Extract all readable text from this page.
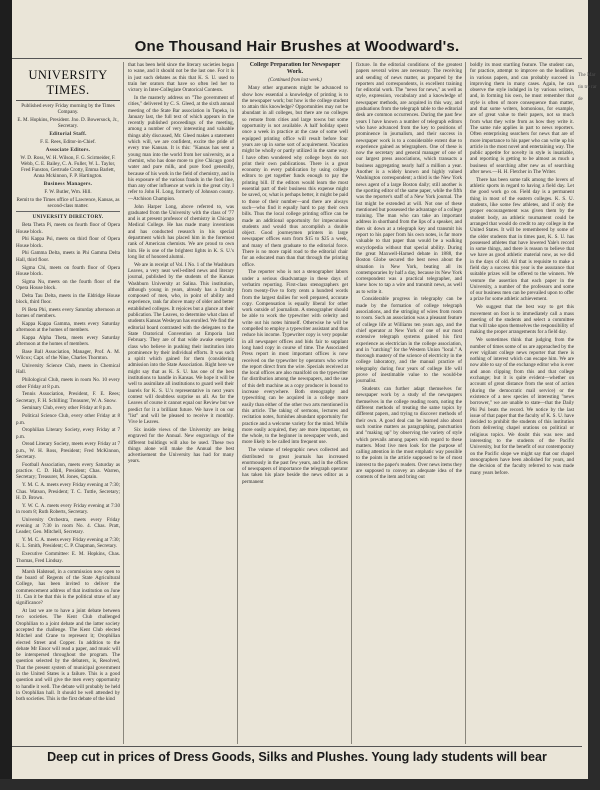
The Mar tin tre rar de
One Thousand Hair Brushes at Woodward's.
UNIVERSITY TIMES.

Published every Friday morning by the Times Company.

E. M. Hopkins, President. Jno. D. Bowersock, Jr., Secretary.

Editorial Staff.

F. E. Rees, Editor-in-Chief.

Associate Editors.

W. D. Ross, W. H. Wilson, F. G. Scirmeider, F. Webb, C. E. Bailey, C. A. Fuller, W. L. Taylor, Fred Funston, Gertrude Crotty, Emma Barlett, Anna Mckinnon, F. P. Hartington.

Business Managers.

F. W. Butler, Wm. Hill.

Remit to the Times office of Lawrence, Kansas, as second-class matter.

UNIVERSITY DIRECTORY.

Beta Theta Pi, meets on fourth floor of Opera House block.

Phi Kappa Psi, meets on third floor of Opera House block.

Phi Gamma Delta, meets in Phi Gamma Delta Hall, third floor.

Sigma Chi, meets on fourth floor of Opera House block.

Sigma Nu, meets on the fourth floor of the Opera House block.

Delta Tau Delta, meets in the Eldridge House block, third floor.

Pi Beta Phi, meets every Saturday afternoon at homes of members.

Kappa Kappa Gamma, meets every Saturday afternoon at the homes of members.

Kappa Alpha Theta, meets every Saturday afternoon at the homes of members.

Base Ball Association, Manager, Prof. A. M. Wilcox; Capt. of the Nine, Charles Thornton.

University Science Club, meets in Chemical Hall.

Philological Club, meets in room No. 10 every other Friday at 8 p.m.

Tennis Association, President, F. E. Rees; Secretary, F. H. Schilling; Treasurer, W. A. Snow.

Seminary Club, every other Friday at 8 p.m.

Political Science Club, every other Friday at 8 p.m.

Orophilian Literary Society, every Friday at 7 p.m.

Oread Literary Society, meets every Friday at 7 p.m., W. H. Ross, President; Fred McKinnon, Secretary.

Football Association, meets every Saturday as practice. C. D. Hall, President; Chas. Warren, Secretary; Treasurer, M. Jones, Captain.

Y. M. C. A. meets every Friday evening at 7:30; Chas. Watson, President; T. C. Tuttle, Secretary; H. D. Brown.

Y. W. C. A. meets every Friday evening at 7:30 in room 8; Ruth Roberts, Secretary.

University Orchestra, meets every Friday evening at 7:30 in room No. 4. Chas. Pratt, Leader; Geo. Mitchell, Secretary.

Y. M. C. A. meets every Friday evening at 7:30; K. L. Smith, President; C. P. Chapman, Secretary.

Executive Committee: E. M. Hopkins, Chas. Thomas, Fred Lindsay.

Marsh Halstead, in a commission now open to the board of Regents of the State Agricultural College, has been invited to deliver the commencement address of that institution on June 11. Can it be that this is the political straw of any significance?

At last we are to have a joint debate between two societies. The Kent Club challenged Orophilian to a joint debate and the latter society accepted the challenge. The Kent Club elected Mitchel and Crane to represent it; Orophilian elected Street and Copper. In addition to the debate Mr Ensor will read a paper, and music will be interspersed throughout the program. The question selected by the debaters, is, Resolved, That the present system of municipal government in the United States is a failure. This is a good question and will give the men every opportunity to handle it well. The debate will probably be held in Orophilian hall. It should be well attended by both societies. This is the first debate of the kind

that has been held since the literary societies began to wane, and it should not be the last one. For it is in just such debates as this that K. S. U. used to train her orators that have so often led her to victory in Inter-Collegiate Oratorical Contests.

In the masterly address on "The government of cities," delivered by C. S. Gleed, at the sixth annual meeting of the State Bar association in Topeka, in January last, the full text of which appears in the recently published proceedings of the meeting, among a number of very interesting and valuable things ably discussed, Mr. Gleed makes a statement which will, we are confident, excite the pride of every true Kansan. It is this: "Kansas has sent a young man into the world from her university, as a chemist, who has done more to give Chicago good water and pure milk, and pure food generally, because of his work in the field of chemistry, and in his exposure of the various frauds in the food line, than any other influence at work in the great city. I refer to John H. Long, formerly of Johnson county.—Atchison Champion.

John Harper Long, above referred to, was graduated from the University with the class of '77 and is at present professor of chemistry in Chicago Medical College. He has made many inventions and has conducted research in his special department which has placed him in the foremost rank of American chemists. We are proud to own him. He is one of the brightest lights in K. S. U.'s long list of honored alumni.

We are in receipt of Vol. I No. 1 of the Washburn Leaves, a very neat well-edited news and literary journal, published by the students of the Kansas Washburn University at Salina. This institution, although young in years, already has a faculty composed of men, who, in point of ability and experience, rank far above many of older and better established colleges. It rejoices but a glance at their publication. The Leaves, to determine what class of students Kansas Wesleyan has enrolled. We find the editorial board contrasted with the delegates to the State Oratorical Convention at Emporia last February. They are of that wide awake energetic class who believe in pushing their institution into prominence by their individual efforts. It was such a spirit which gained for them (considering admission into the State Association. Right here we might say that as K. S. U. has one of the best institutions to handle in Kansas. We hope it will be well to assimilate all institutions to guard well their laurels for K. S. U.'s representative in next years contest will doubtless surprise us all. As far the Leaves of course it cannot equal our Review but we predict for it a brilliant future. We have it on our "list" and will be pleased to receive it monthly. Vive le Leaves.

Six inside views of the University are being engraved for the Annual. New engravings of the different buildings will also be used. These two things alone will make the Annual the best advertisement the University has had for many years.

College Preparation for Newspaper Work.

(Continued from last week.)

Many other arguments might be advanced to show how essential a knowledge of printing is to the newspaper work; but how is the college student to attain this knowledge? Opportunities may not be abundant in all colleges, but there are no colleges so remote from cities and large towns but some opportunity is not available. A half holiday spent once a week in practice at the case of some well equipped printing office will result before four years are up in some sort of acquirement. Vacation might be wholly or partly utilized in the same way. I have often wondered why college boys do not print their own publications. There is a great economy in every publication by using college editors to get together funds enough to pay the printing bill. If the editors would learn the most essential part of their business this expense might be saved, or, what is perhaps better, it might be paid to those of their number—and there are always such—who find it equally hard to pay their own bills. Thus the local college printing office can be made an additional opportunity for impecunious students and would thus accomplish a double object. Good journeymen printers in large newspaper offices earn from $15 to $25 a week, and many of them graduate to the editorial force. There is no more rapid road to the editorial chair for an educated man than that through the printing office.

The reporter who is not a stenographer labors under a serious disadvantage in these days of verbatim reporting. First-class stenographers get from twenty-five to forty cents a hundred words from the largest dailies for well prepared, accurate copy. Compensation is equally liberal for other work outside of journalism. A stenographer should be able to work the typewriter with celerity and write out his notes himself. Otherwise he will be compelled to employ a typewriter assistant and thus reduce his income. Typewriter copy is very popular in all newspaper offices and bids fair to supplant long hand copy in course of time. The Associated Press report in most important offices is now received on the typewriter by operators who write the report direct from the wire. Specials received at the local offices are also manifold on the typewriter for distribution among the newspapers, and the use of this deft machine as a copy producer is bound to increase everywhere. Both stenography and typewriting can be acquired in a college more easily than either of the other two arts mentioned in this article. The taking of sermons, lectures and recitation notes, furnishes abundant opportunity for practice and a welcome variety for the mind. While more easily acquired, they are more important, on the whole, to the beginner in newspaper work, and more likely to be called into frequent use.

The volume of telegraphic news collected and distributed to great journals has increased enormously in the past few years, and in the offices of newspapers of importance the telegraph operator has taken his place beside the news editor as a permanent

fixture. In the editorial conditions of the greatest papers several wires are necessary. The receiving and sending of news matter, as prepared by the reporters and correspondents, is excellent training for editorial work. The "news for news," as well as style, expression, vocabulary and a knowledge of newspaper methods, are acquired in this way, and graduations from the telegraph table to the editorial desk are common occurrences. During the past few years I have known a number of telegraph editors who have advanced from the key to positions of prominence in journalism, and their success in newspaper work is to a considerable extent due to experience gained as telegraphers. One of these is now the secretary and general manager of one of our largest press associations, which transacts a business aggregating nearly half a million a year. Another is a widely known and highly valued Washington correspondent; a third is the New York news agent of a large Boston daily; still another is the sporting editor of the same paper, while the fifth was the reporter's staff of a New York journal. The list might be extended at will. Not one of these mentioned but possessed the advantage of a college training. The man who can take an important address in shorthand from the lips of a speaker, and then sit down at a telegraph key and transmit his report to his paper from his own notes, is far more valuable to that paper than would be a walking encyclopedia without that special ability. During the great Maxwell-Harned debate in 1888, the Boston Globe secured the best news about the situation in New York, beating all its contemporaries by half a day, because its New York correspondent was a practical telegrapher, and knew how to tap a wire and transmit news, as well as to write it.

Considerable progress in telegraphy can be made by the formation of college telegraph associations, and the stringing of wires from room to room. Such an association was a pleasant feature of college life at Williams ten years ago, and the chief operator at New York of one of our most extensive telegraph systems gained his first experience as electrician in the college association, and in "catching" for the Western Union "local." A thorough mastery of the science of electricity in the college laboratory, and the manual practice of telegraphy during four years of college life will prove of inestimable value to the would-be journalist.

Students can further adapt themselves for newspaper work by a study of the newspapers themselves in the college reading room, noting the different methods of treating the same topics by different papers, and trying to discover methods of their own. A good deal can be learned also about such routine matters as paragraphing, punctuation and "making up" by observing the variety of style which prevails among papers with regard to these matters. Most live men look for the purpose of calling attention in the most emphatic way possible to the points in the article supposed to be of most interest to the paper's readers. Over news items they are supposed to convey an adequate idea of the contents of the item and bring out

boldly its most startling feature. The student can, for practice, attempt to improve on the headlines in various papers, and can probably succeed in improving them in many cases. Again, he can observe the style indulged in by various writers, and, in forming his own, he must remember that style is often of more consequence than matter, and that some writers, homonious, for example, are of great value to their papers, not so much from what they write from as how they write it. The same rule applies in part to news reporters. Often enterprising searchers for news that are of more importance to his paper who can write up his article in the most novel and entertaining way. The public appetite for novelty in style is insatiable, and reporting is getting to be almost as much a business of searching after new as of searching after news.—H. H. Fletcher in The Writer.

There has been some talk among the lovers of athletic sports in regard to having a field day. Let the good work go on. Field day is a permanent thing in most of the eastern colleges. K. S. U. students, like some few athletes, and if only the proper encouragement was given them by the student body, an athletic tournament could be arranged that would do credit to any college in the United States. It will be remembered by some of the older students that in times past, K. S. U. has possessed athletes that have lowered Yale's record in some things, and there is reason to believe that we have as good athletic material now, as we did in the days of old. All that is requisite to make a field day a success this year is the assurance that suitable prizes will be offered to the winners. We venture the assertion that each paper in the University, a number of the professors and some of our business men can be prevailed upon to offer a prize for some athletic achievement.

We suggest that the best way to get this movement on foot is to immediately call a mass meeting of the students and select a committee that will take upon themselves the responsibility of making the proper arrangements for a field day.

We sometimes think that judging from the number of times some of us are approached by the ever vigilant college news reporter that there is nothing of interest which can escape him. We are now able to say of the exchange editor who is ever and anon clipping from this and that college exchange; but it is quite evident—whether on account of great distance from the seat of action (during the democratic mail service) or the existence of a new species of interesting "news borrower," we are unable to state—that the Daily Phi Psi beats the record. We notice by the last issue of that paper that the faculty of K. S. U. have decided to prohibit the students of this institution from delivering chapel orations on political or religious topics. We doubt this was new and interesting to the students of the Pacific University, but for the benefit of our contemporary on the Pacific slope we might say that our chapel stenographers have been abolished for years, and the decision of the faculty referred to was made many years before.

Deep cut in prices of Dress Goods, Silks and Plushes. Young lady students will bear
